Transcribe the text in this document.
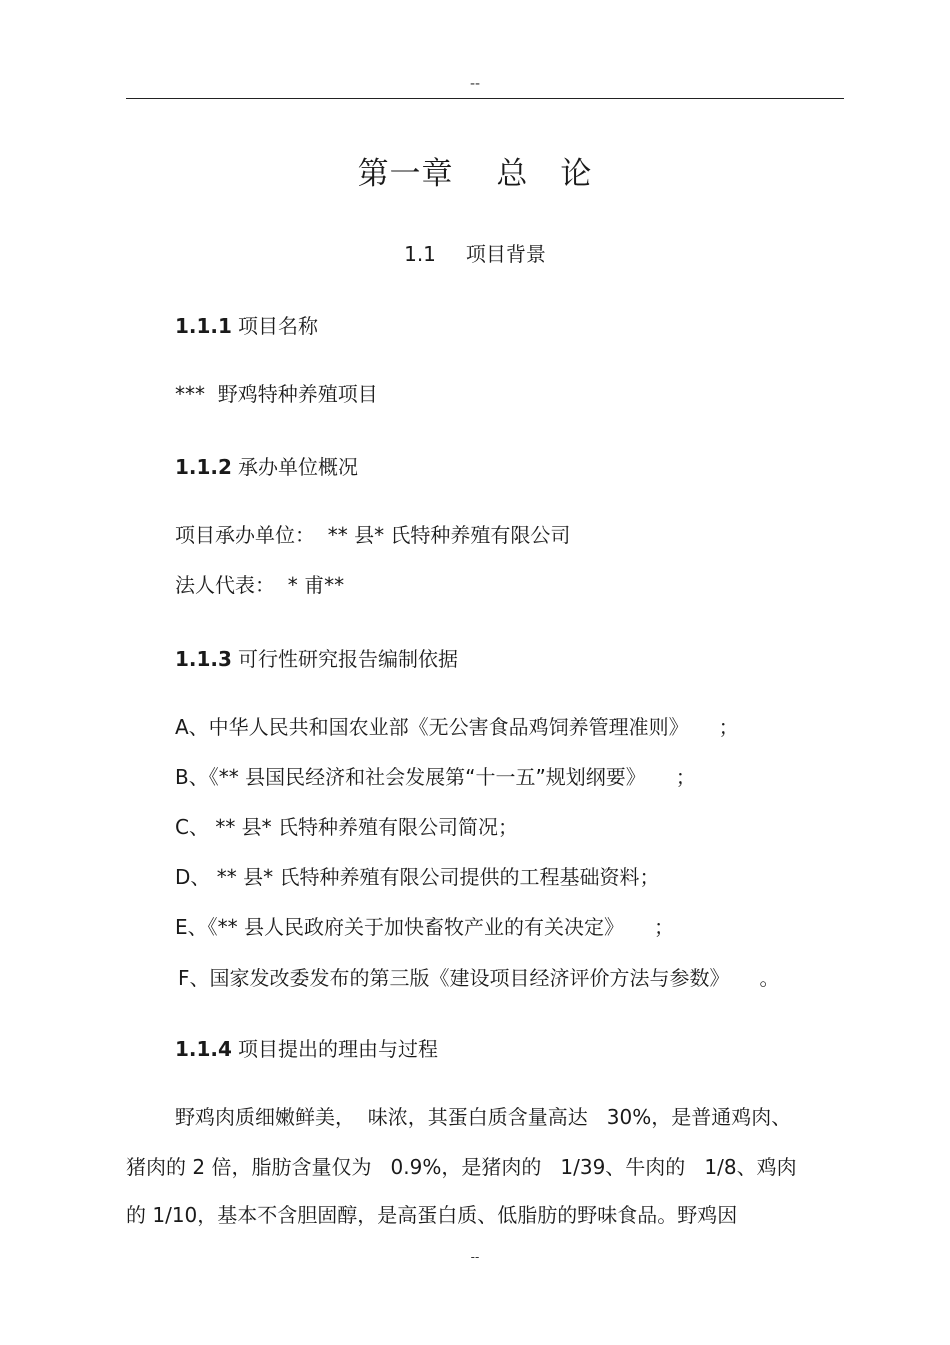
--
第一章　 总　论
1.1 项目背景
1.1.1 项目名称
***  野鸡特种养殖项目
1.1.2 承办单位概况
项目承办单位：  ** 县* 氏特种养殖有限公司
法人代表：  * 甫**
1.1.3 可行性研究报告编制依据
A、中华人民共和国农业部《无公害食品鸡饲养管理准则》　　；
B、《** 县国民经济和社会发展第“十一五”规划纲要》　　；
C、 ** 县* 氏特种养殖有限公司简况；
D、 ** 县* 氏特种养殖有限公司提供的工程基础资料；
E、《** 县人民政府关于加快畜牧产业的有关决定》　　；
F、国家发改委发布的第三版《建设项目经济评价方法与参数》　　。
1.1.4 项目提出的理由与过程
野鸡肉质细嫩鲜美，  味浓，其蛋白质含量高达   30%，是普通鸡肉、
猪肉的 2 倍，脂肪含量仅为   0.9%，是猪肉的   1/39、牛肉的   1/8、鸡肉
的 1/10，基本不含胆固醇，是高蛋白质、低脂肪的野味食品。野鸡因
--
